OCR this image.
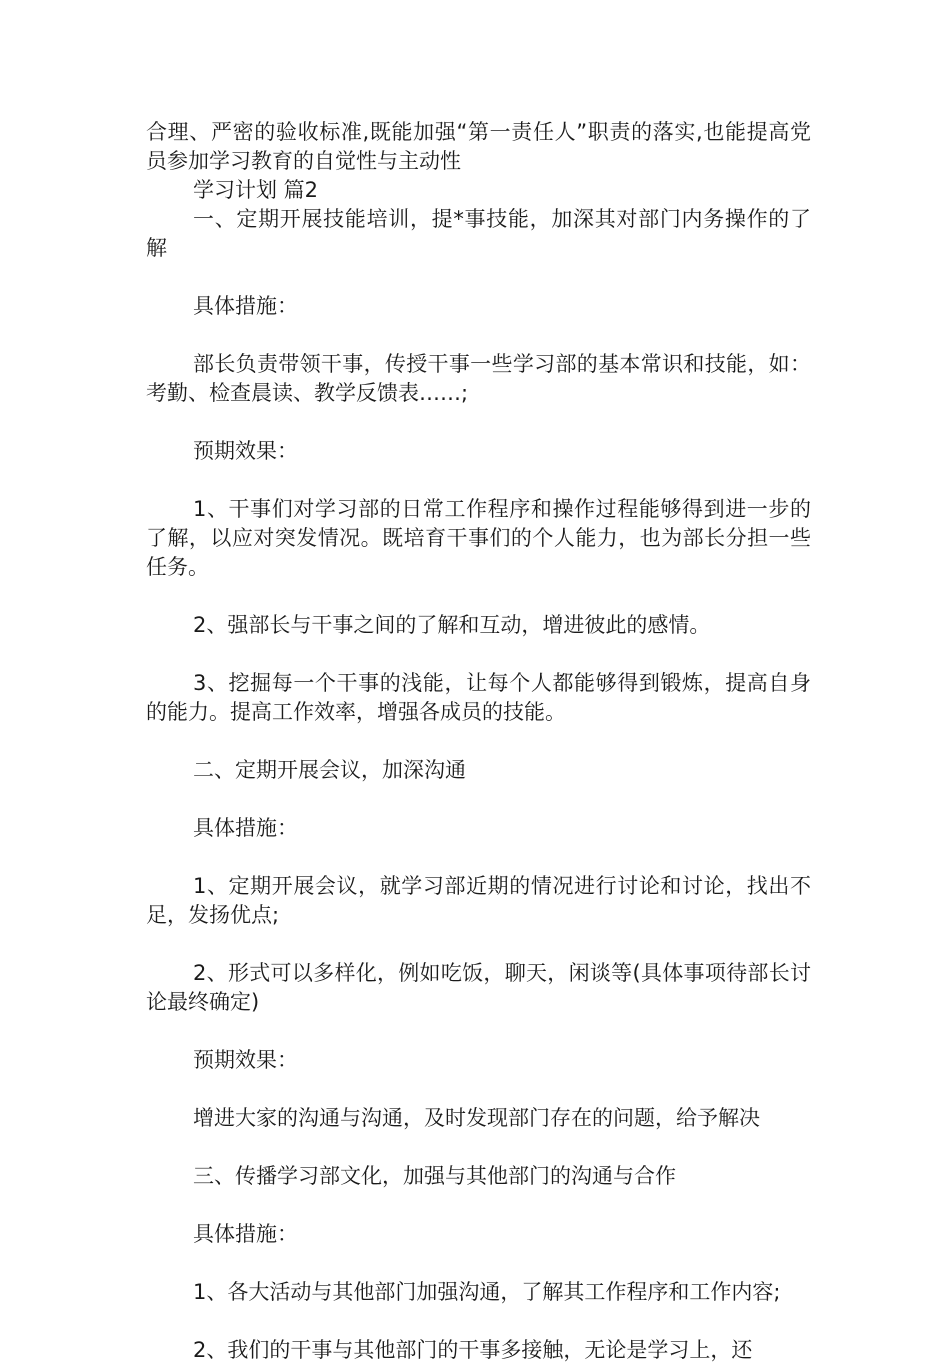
合理、严密的验收标准,既能加强“第一责任人”职责的落实,也能提高党员参加学习教育的自觉性与主动性

学习计划 篇2

一、定期开展技能培训，提*事技能，加深其对部门内务操作的了解

具体措施：

部长负责带领干事，传授干事一些学习部的基本常识和技能，如：考勤、检查晨读、教学反馈表……;

预期效果：

1、干事们对学习部的日常工作程序和操作过程能够得到进一步的了解，以应对突发情况。既培育干事们的个人能力，也为部长分担一些任务。

2、强部长与干事之间的了解和互动，增进彼此的感情。

3、挖掘每一个干事的浅能，让每个人都能够得到锻炼，提高自身的能力。提高工作效率，增强各成员的技能。

二、定期开展会议，加深沟通

具体措施：

1、定期开展会议，就学习部近期的情况进行讨论和讨论，找出不足，发扬优点;

2、形式可以多样化，例如吃饭，聊天，闲谈等(具体事项待部长讨论最终确定)

预期效果：

增进大家的沟通与沟通，及时发现部门存在的问题，给予解决

三、传播学习部文化，加强与其他部门的沟通与合作

具体措施：

1、各大活动与其他部门加强沟通，了解其工作程序和工作内容;

2、我们的干事与其他部门的干事多接触，无论是学习上，还
